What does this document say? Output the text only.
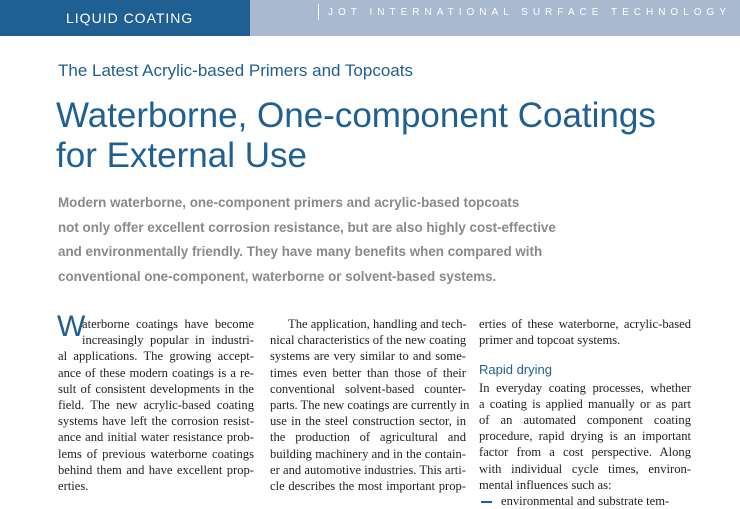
LIQUID COATING	JOT INTERNATIONAL SURFACE TECHNOLOGY
The Latest Acrylic-based Primers and Topcoats
Waterborne, One-component Coatings
for External Use
Modern waterborne, one-component primers and acrylic-based topcoats
not only offer excellent corrosion resistance, but are also highly cost-effective
and environmentally friendly. They have many benefits when compared with
conventional one-component, waterborne or solvent-based systems.
W
aterborne coatings have become
increasingly popular in industri-
al applications. The growing accept-
ance of these modern coatings is a re-
sult of consistent developments in the
field. The new acrylic-based coating
systems have left the corrosion resist-
ance and initial water resistance prob-
lems of previous waterborne coatings
behind them and have excellent prop-
erties.
The application, handling and tech-
nical characteristics of the new coating
systems are very similar to and some-
times even better than those of their
conventional solvent-based counter-
parts. The new coatings are currently in
use in the steel construction sector, in
the production of agricultural and
building machinery and in the contain-
er and automotive industries. This arti-
cle describes the most important prop-
erties of these waterborne, acrylic-based
primer and topcoat systems.
Rapid drying
In everyday coating processes, whether
a coating is applied manually or as part
of an automated component coating
procedure, rapid drying is an important
factor from a cost perspective. Along
with individual cycle times, environ-
mental influences such as:
environmental and substrate tem-
